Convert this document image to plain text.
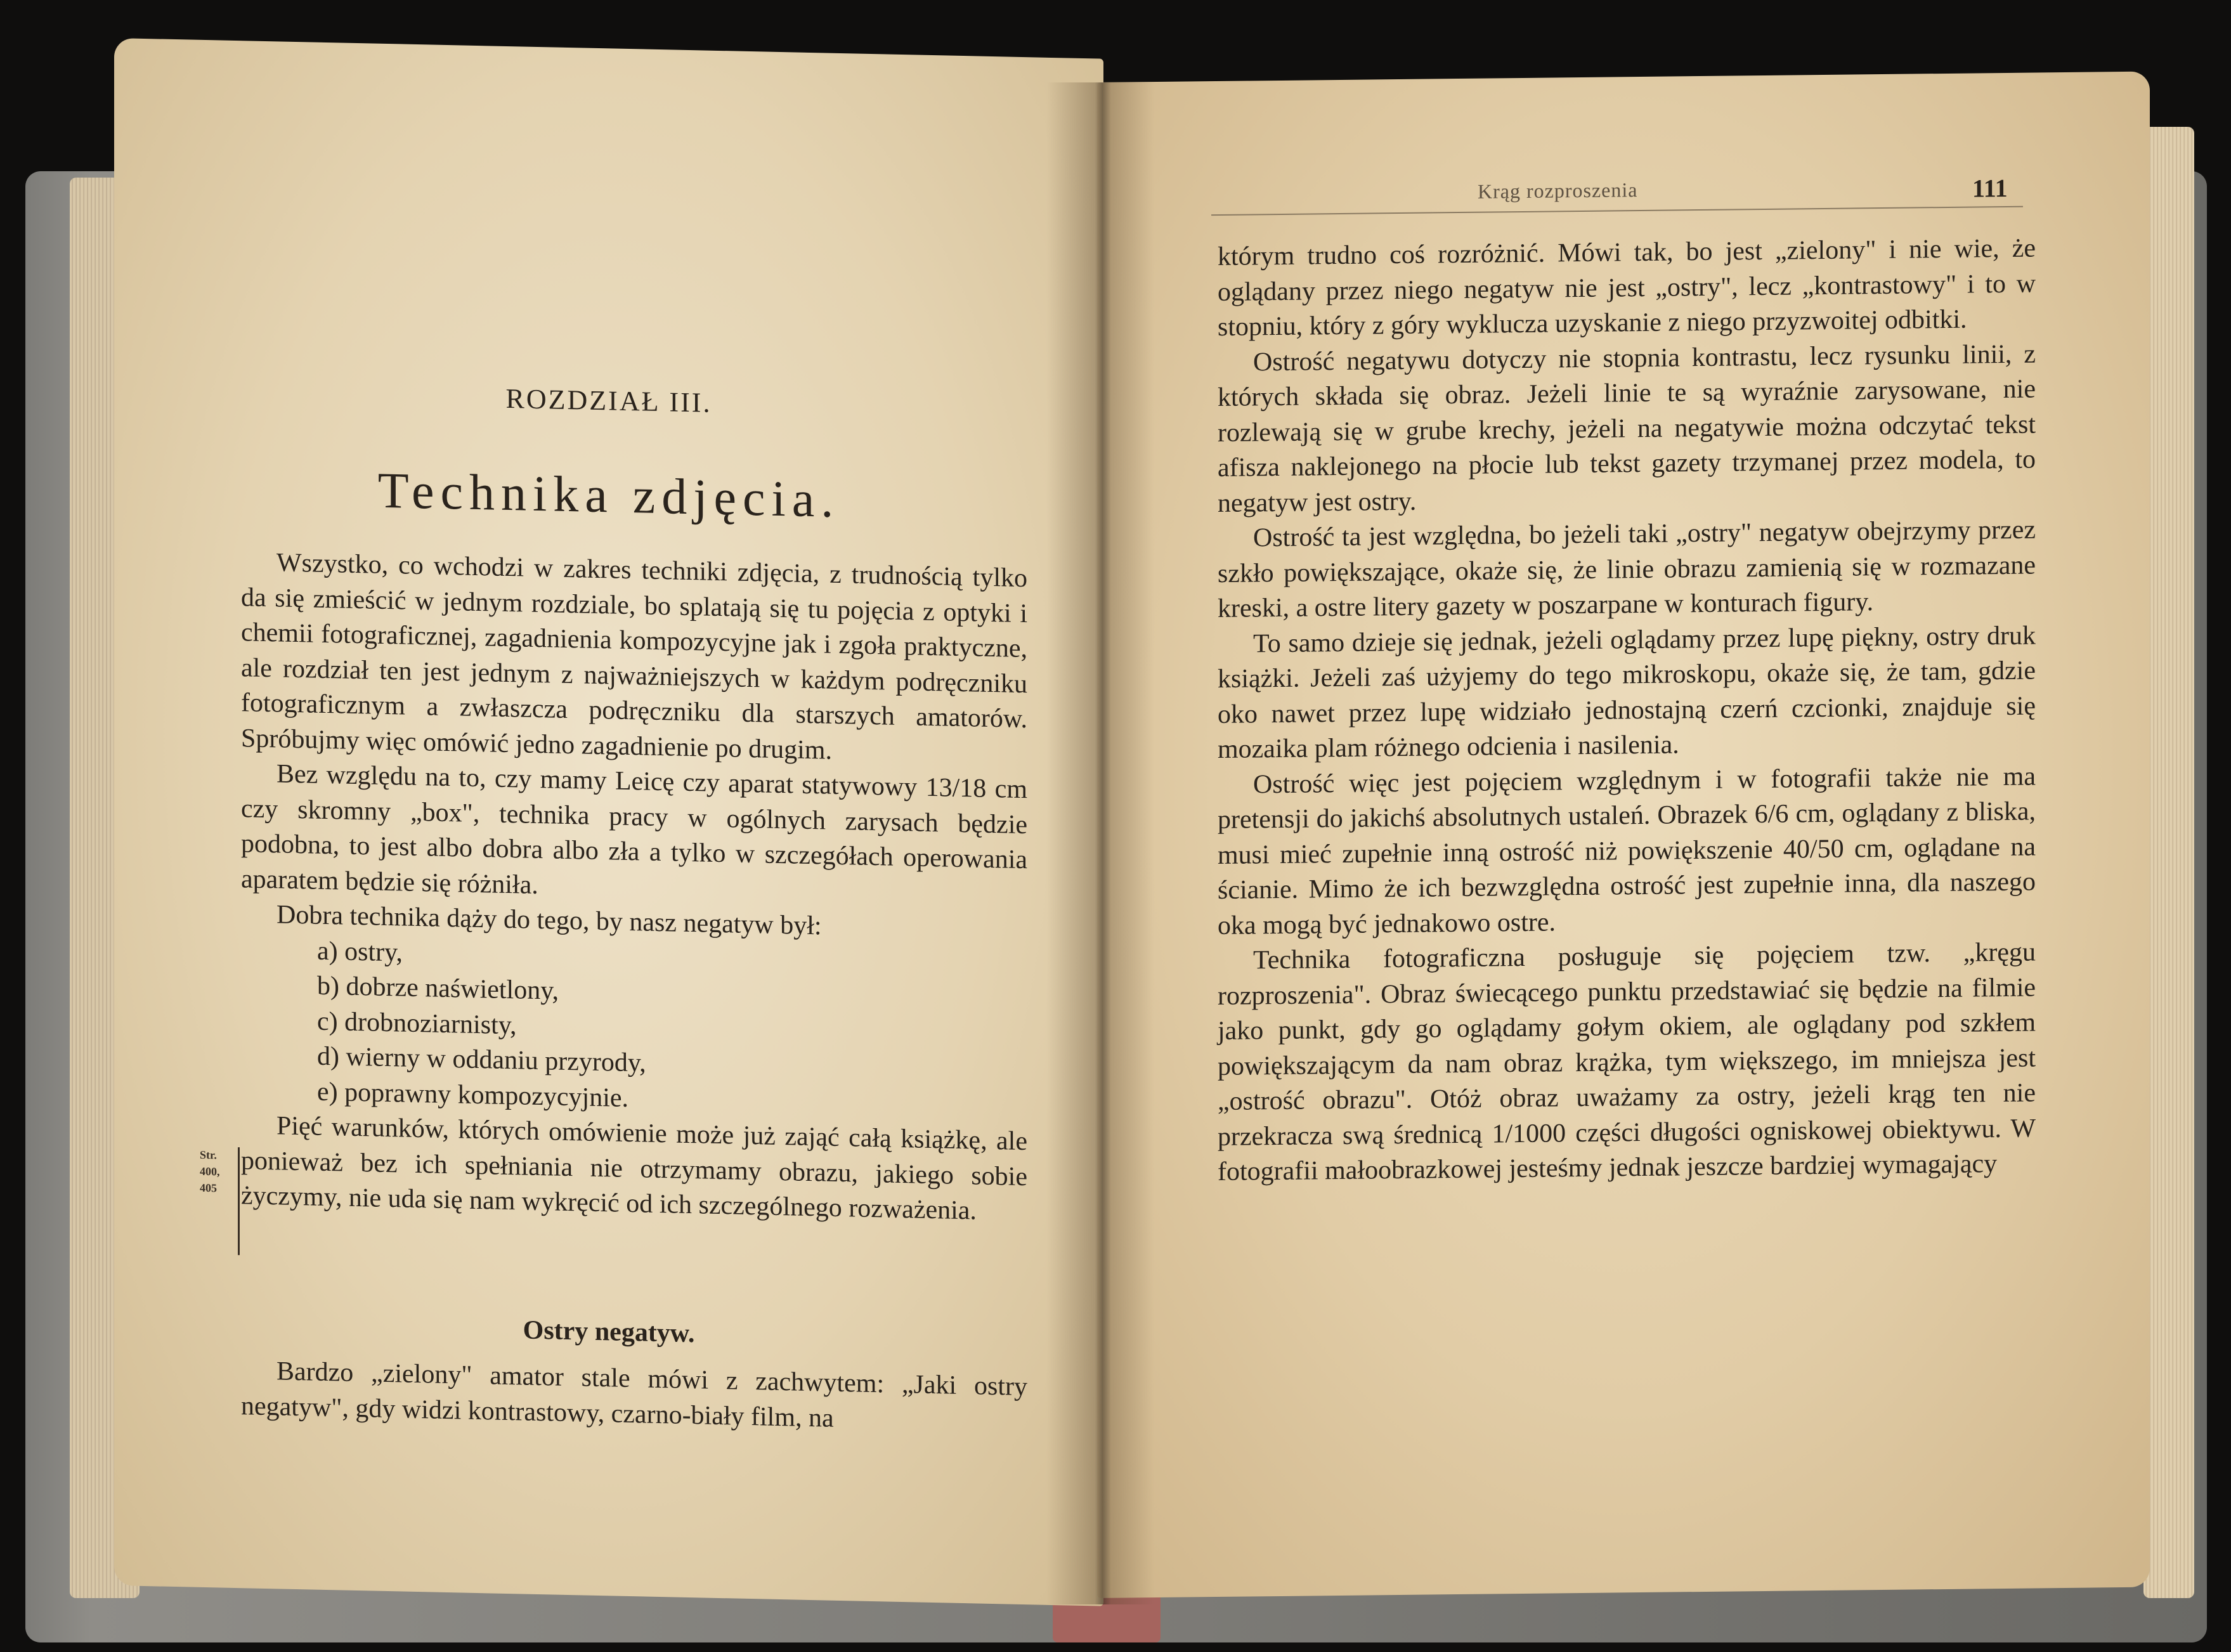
ROZDZIAŁ III.
Technika zdjęcia.

Wszystko, co wchodzi w zakres techniki zdjęcia, z trudnością tylko da się zmieścić w jednym rozdziale, bo splatają się tu pojęcia z optyki i chemii fotograficznej, zagadnienia kompozycyjne jak i zgoła praktyczne, ale rozdział ten jest jednym z najważniejszych w każdym podręczniku fotograficznym a zwłaszcza podręczniku dla starszych amatorów. Spróbujmy więc omówić jedno zagadnienie po drugim.

Bez względu na to, czy mamy Leicę czy aparat statywowy 13/18 cm czy skromny „box", technika pracy w ogólnych zarysach będzie podobna, to jest albo dobra albo zła a tylko w szczegółach operowania aparatem będzie się różniła.

Dobra technika dąży do tego, by nasz negatyw był:

a) ostry,
b) dobrze naświetlony,
c) drobnoziarnisty,
d) wierny w oddaniu przyrody,
e) poprawny kompozycyjnie.

Pięć warunków, których omówienie może już zająć całą książkę, ale ponieważ bez ich spełniania nie otrzymamy obrazu, jakiego sobie życzymy, nie uda się nam wykręcić od ich szczególnego rozważenia.

Str.
400,
405
Ostry negatyw.

Bardzo „zielony" amator stale mówi z zachwytem: „Jaki ostry negatyw", gdy widzi kontrastowy, czarno-biały film, na

Krąg rozproszenia	111

którym trudno coś rozróżnić. Mówi tak, bo jest „zielony" i nie wie, że oglądany przez niego negatyw nie jest „ostry", lecz „kontrastowy" i to w stopniu, który z góry wyklucza uzyskanie z niego przyzwoitej odbitki.

Ostrość negatywu dotyczy nie stopnia kontrastu, lecz rysunku linii, z których składa się obraz. Jeżeli linie te są wyraźnie zarysowane, nie rozlewają się w grube krechy, jeżeli na negatywie można odczytać tekst afisza naklejonego na płocie lub tekst gazety trzymanej przez modela, to negatyw jest ostry.

Ostrość ta jest względna, bo jeżeli taki „ostry" negatyw obejrzymy przez szkło powiększające, okaże się, że linie obrazu zamienią się w rozmazane kreski, a ostre litery gazety w poszarpane w konturach figury.

To samo dzieje się jednak, jeżeli oglądamy przez lupę piękny, ostry druk książki. Jeżeli zaś użyjemy do tego mikroskopu, okaże się, że tam, gdzie oko nawet przez lupę widziało jednostajną czerń czcionki, znajduje się mozaika plam różnego odcienia i nasilenia.

Ostrość więc jest pojęciem względnym i w fotografii także nie ma pretensji do jakichś absolutnych ustaleń. Obrazek 6/6 cm, oglądany z bliska, musi mieć zupełnie inną ostrość niż powiększenie 40/50 cm, oglądane na ścianie. Mimo że ich bezwzględna ostrość jest zupełnie inna, dla naszego oka mogą być jednakowo ostre.

Technika fotograficzna posługuje się pojęciem tzw. „kręgu rozproszenia". Obraz świecącego punktu przedstawiać się będzie na filmie jako punkt, gdy go oglądamy gołym okiem, ale oglądany pod szkłem powiększającym da nam obraz krążka, tym większego, im mniejsza jest „ostrość obrazu". Otóż obraz uważamy za ostry, jeżeli krąg ten nie przekracza swą średnicą 1/1000 części długości ogniskowej obiektywu. W fotografii małoobrazkowej jesteśmy jednak jeszcze bardziej wymagający
